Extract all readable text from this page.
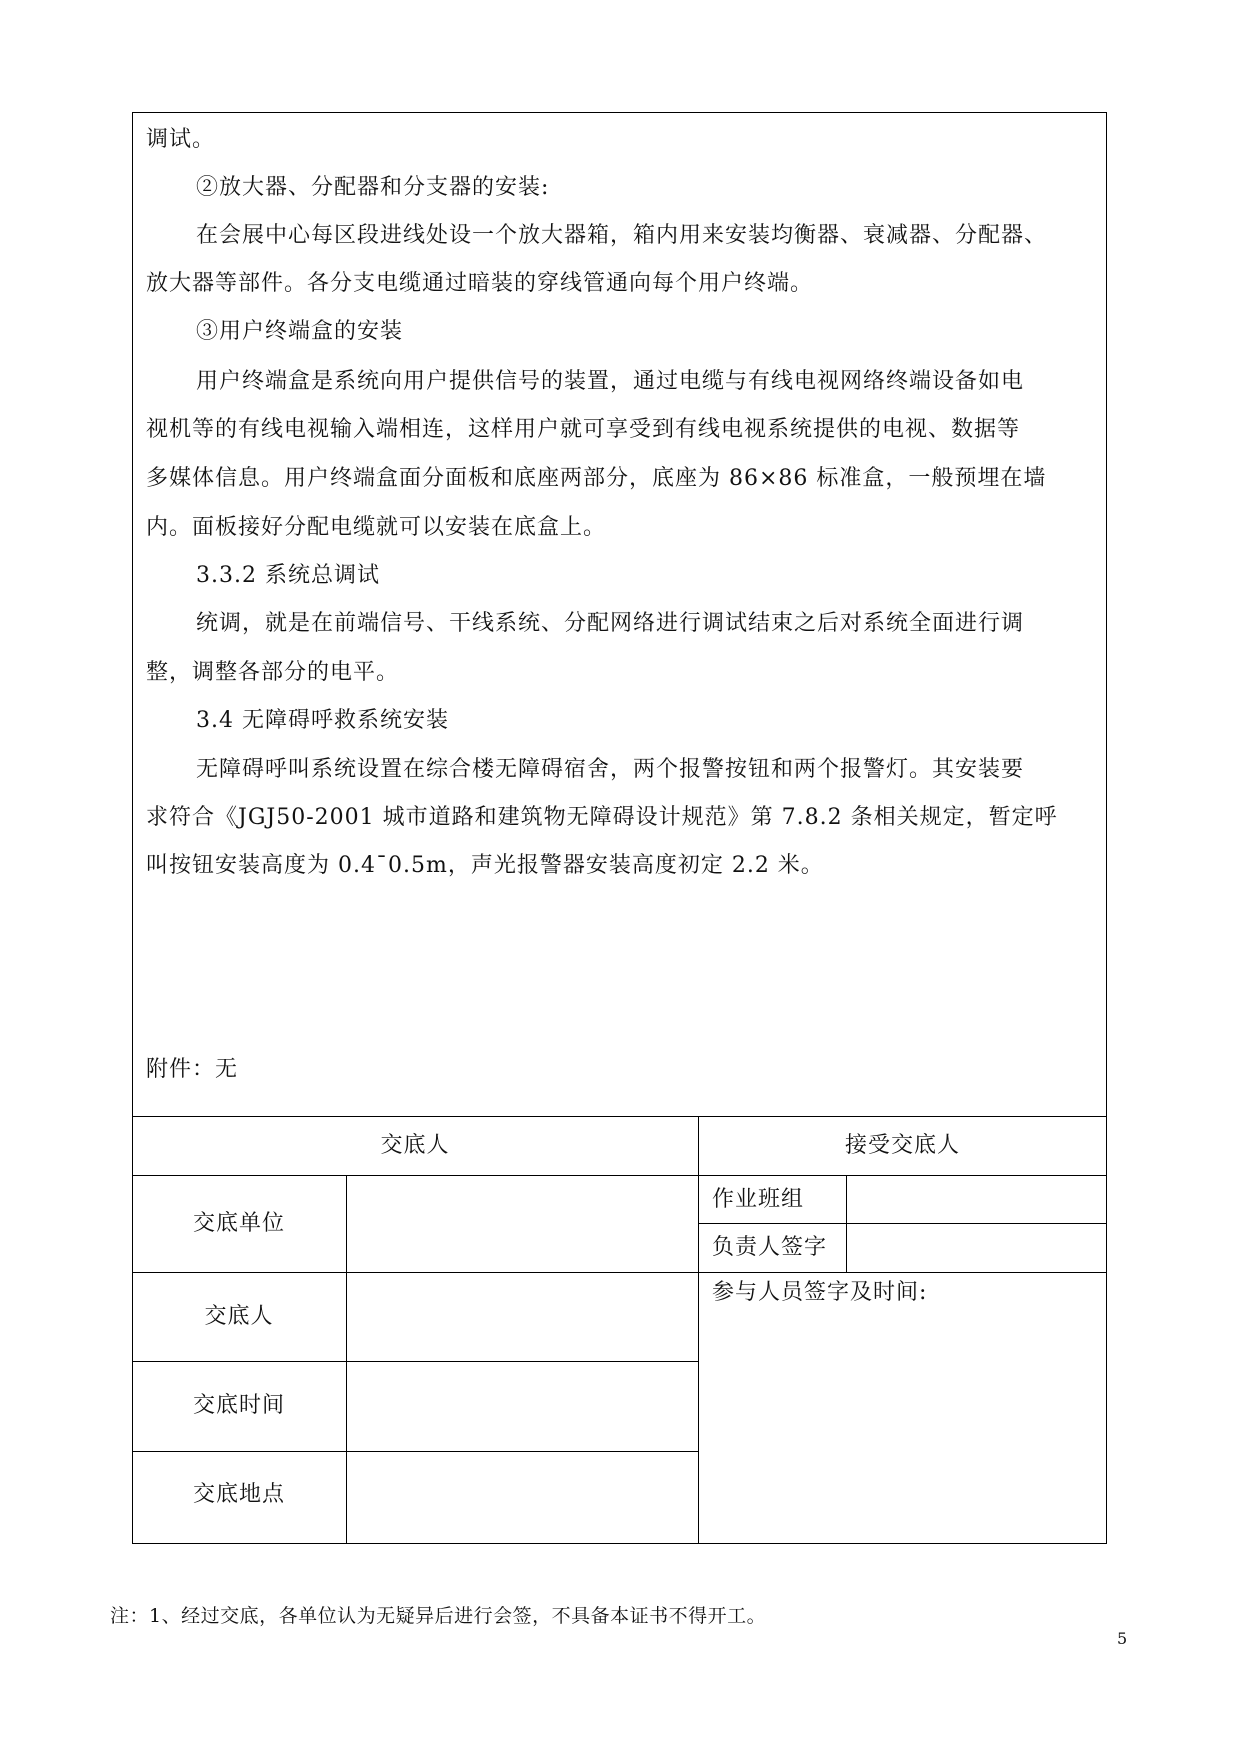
调试。
②放大器、分配器和分支器的安装:
在会展中心每区段进线处设一个放大器箱，箱内用来安装均衡器、衰减器、分配器、
放大器等部件。各分支电缆通过暗装的穿线管通向每个用户终端。
③用户终端盒的安装
用户终端盒是系统向用户提供信号的装置，通过电缆与有线电视网络终端设备如电
视机等的有线电视输入端相连，这样用户就可享受到有线电视系统提供的电视、数据等
多媒体信息。用户终端盒面分面板和底座两部分，底座为 86×86 标准盒，一般预埋在墙
内。面板接好分配电缆就可以安装在底盒上。
3.3.2 系统总调试
统调，就是在前端信号、干线系统、分配网络进行调试结束之后对系统全面进行调
整，调整各部分的电平。
3.4 无障碍呼救系统安装
无障碍呼叫系统设置在综合楼无障碍宿舍，两个报警按钮和两个报警灯。其安装要
求符合《JGJ50-2001 城市道路和建筑物无障碍设计规范》第 7.8.2 条相关规定，暂定呼
叫按钮安装高度为 0.4¯0.5m，声光报警器安装高度初定 2.2 米。
附件：无
交底人	接受交底人
交底单位
交底人
交底时间
交底地点
作业班组
负责人签字
参与人员签字及时间:
注：1、经过交底，各单位认为无疑异后进行会签，不具备本证书不得开工。
5
